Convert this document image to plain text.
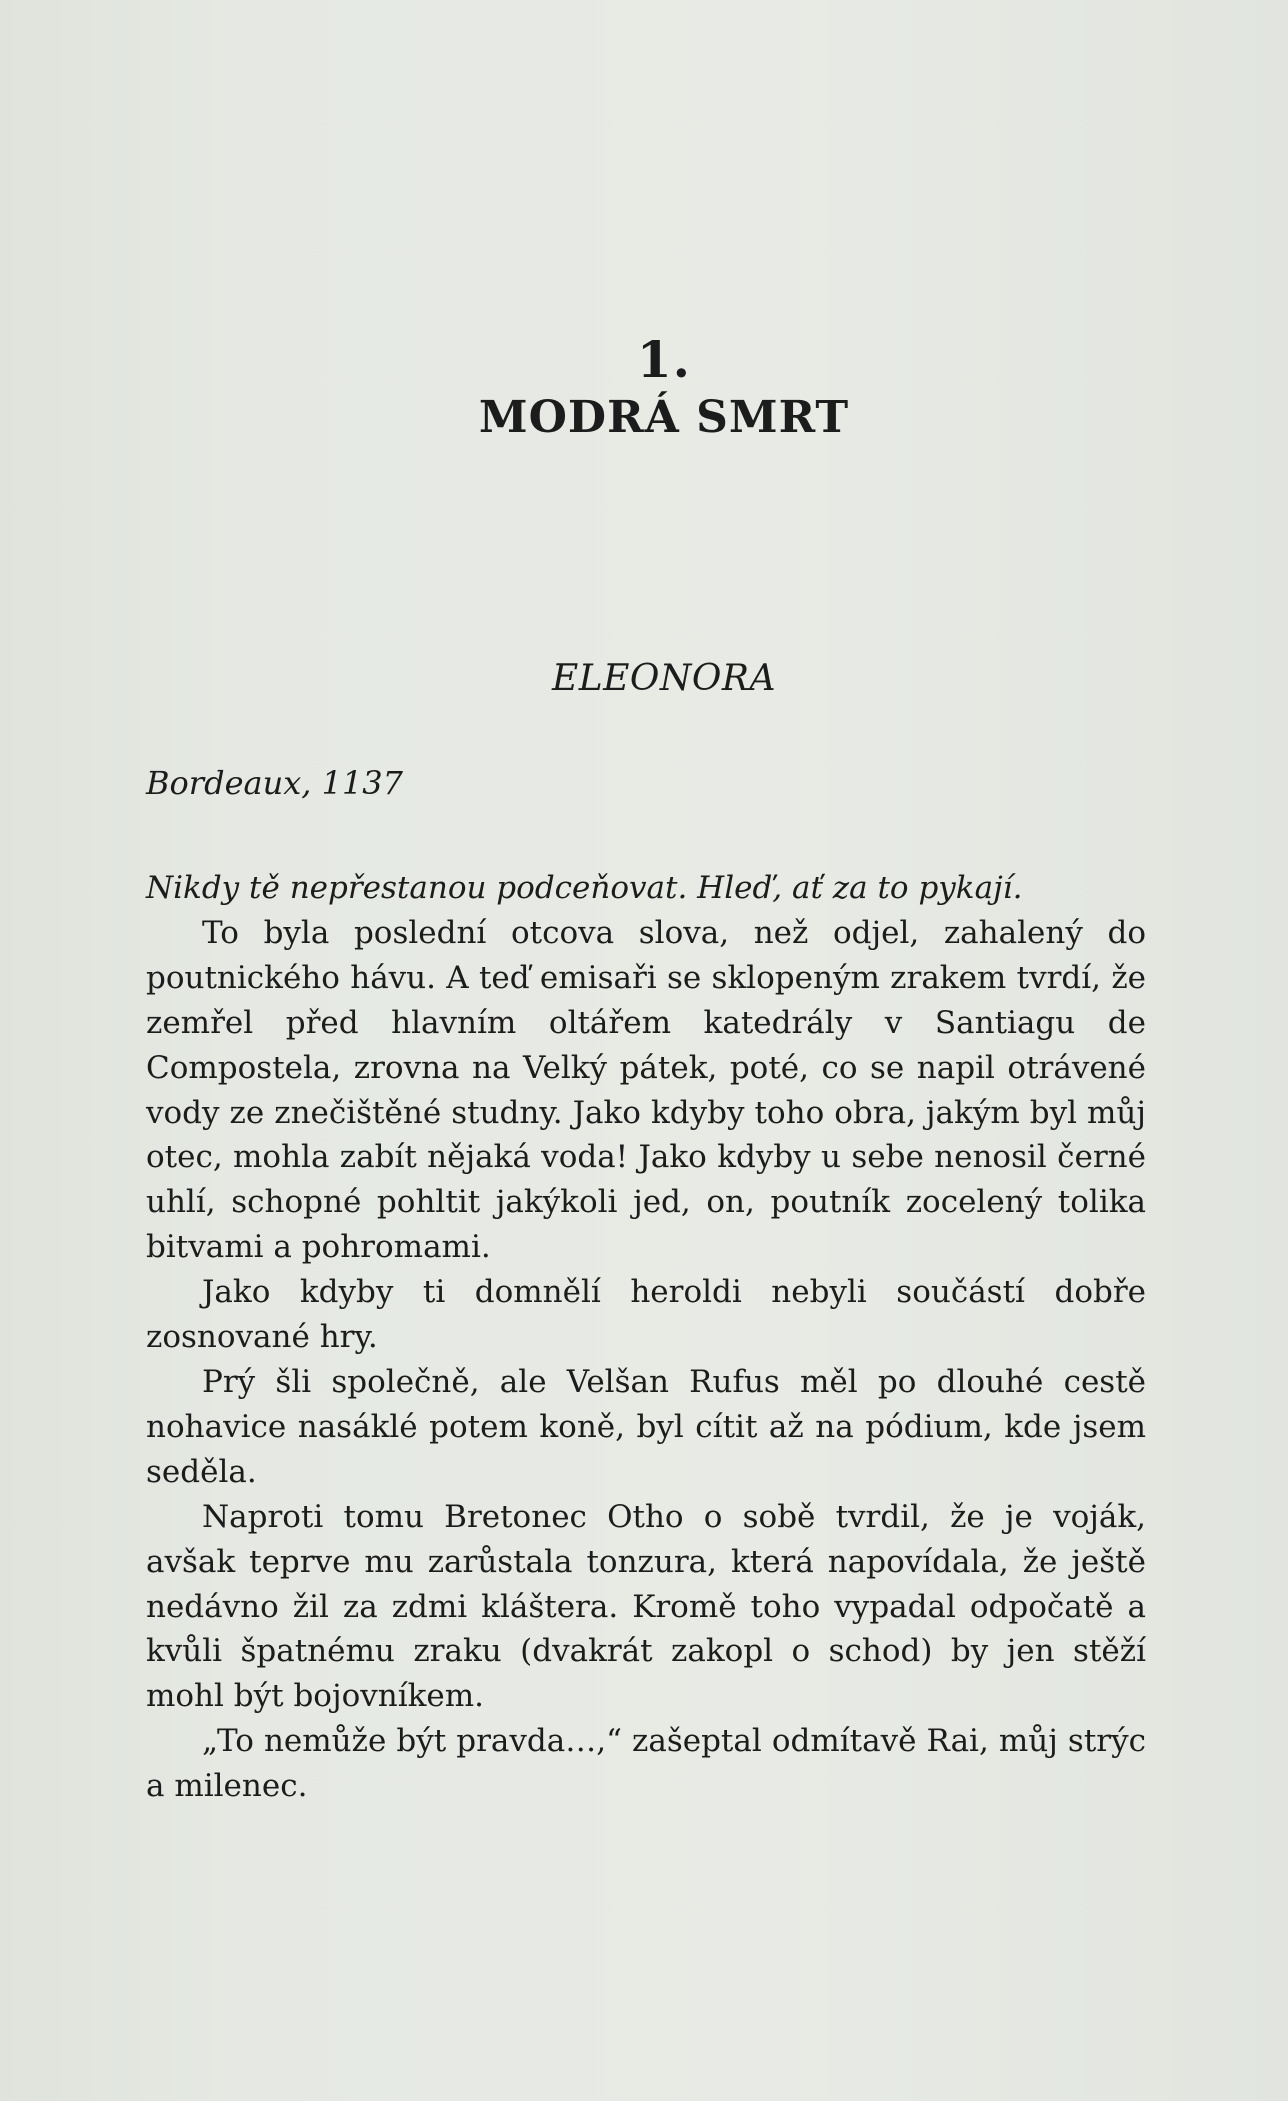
1.
MODRÁ SMRT
ELEONORA
Bordeaux, 1137

Nikdy tě nepřestanou podceňovat. Hleď, ať za to pykají.

To byla poslední otcova slova, než odjel, zahalený do poutnického hávu. A teď emisaři se sklopeným zrakem tvrdí, že zemřel před hlavním oltářem katedrály v Santiagu de Compostela, zrovna na Velký pátek, poté, co se napil otrávené vody ze znečištěné studny. Jako kdyby toho obra, jakým byl můj otec, mohla zabít nějaká voda! Jako kdyby u sebe nenosil černé uhlí, schopné pohltit jakýkoli jed, on, poutník zocelený tolika bitvami a pohromami.

Jako kdyby ti domnělí heroldi nebyli součástí dobře zosnované hry.

Prý šli společně, ale Velšan Rufus měl po dlouhé cestě nohavice nasáklé potem koně, byl cítit až na pódium, kde jsem seděla.

Naproti tomu Bretonec Otho o sobě tvrdil, že je voják, avšak teprve mu zarůstala tonzura, která napovídala, že ještě nedávno žil za zdmi kláštera. Kromě toho vypadal odpočatě a kvůli špatnému zraku (dvakrát zakopl o schod) by jen stěží mohl být bojovníkem.

„To nemůže být pravda…,“ zašeptal odmítavě Rai, můj strýc a milenec.
